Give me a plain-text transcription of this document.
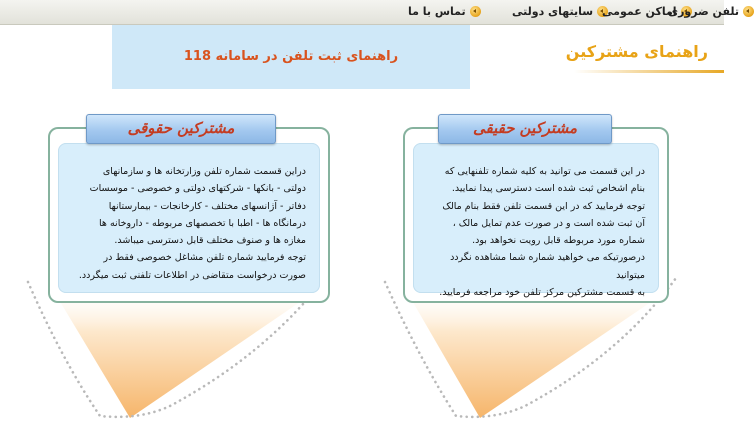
تماس با ما	سایتهای دولتی اماکن عمومی
تلفن ضروری
راهنمای ثبت تلفن در سامانه 118	راهنمای مشترکین
دراین قسمت شماره تلفن وزارتخانه ها و سازمانهای
دولتی - بانکها - شرکتهای دولتی و خصوصی - موسسات
دفاتر - آژانسهای مختلف - کارخانجات - بیمارستانها
درمانگاه ها - اطبا با تخصصهای مربوطه - داروخانه ها
مغازه ها و صنوف مختلف قابل دسترسی میباشد.
توجه فرمایید شماره تلفن مشاغل خصوصی فقط در
صورت درخواست متقاضی در اطلاعات تلفنی ثبت میگردد.
مشترکین حقوقی
در این قسمت می توانید به کلیه شماره تلفنهایی که
بنام اشخاص ثبت شده است دسترسی پیدا نمایید.
توجه فرمایید که در این قسمت تلفن فقط بنام مالک
آن ثبت شده است و در صورت عدم تمایل مالک ،
شماره مورد مربوطه قابل رویت نخواهد بود.
درصورتیکه می خواهید شماره شما مشاهده نگردد میتوانید
به قسمت مشترکین مرکز تلفن خود مراجعه فرمایید.
مشترکین حقیقی
